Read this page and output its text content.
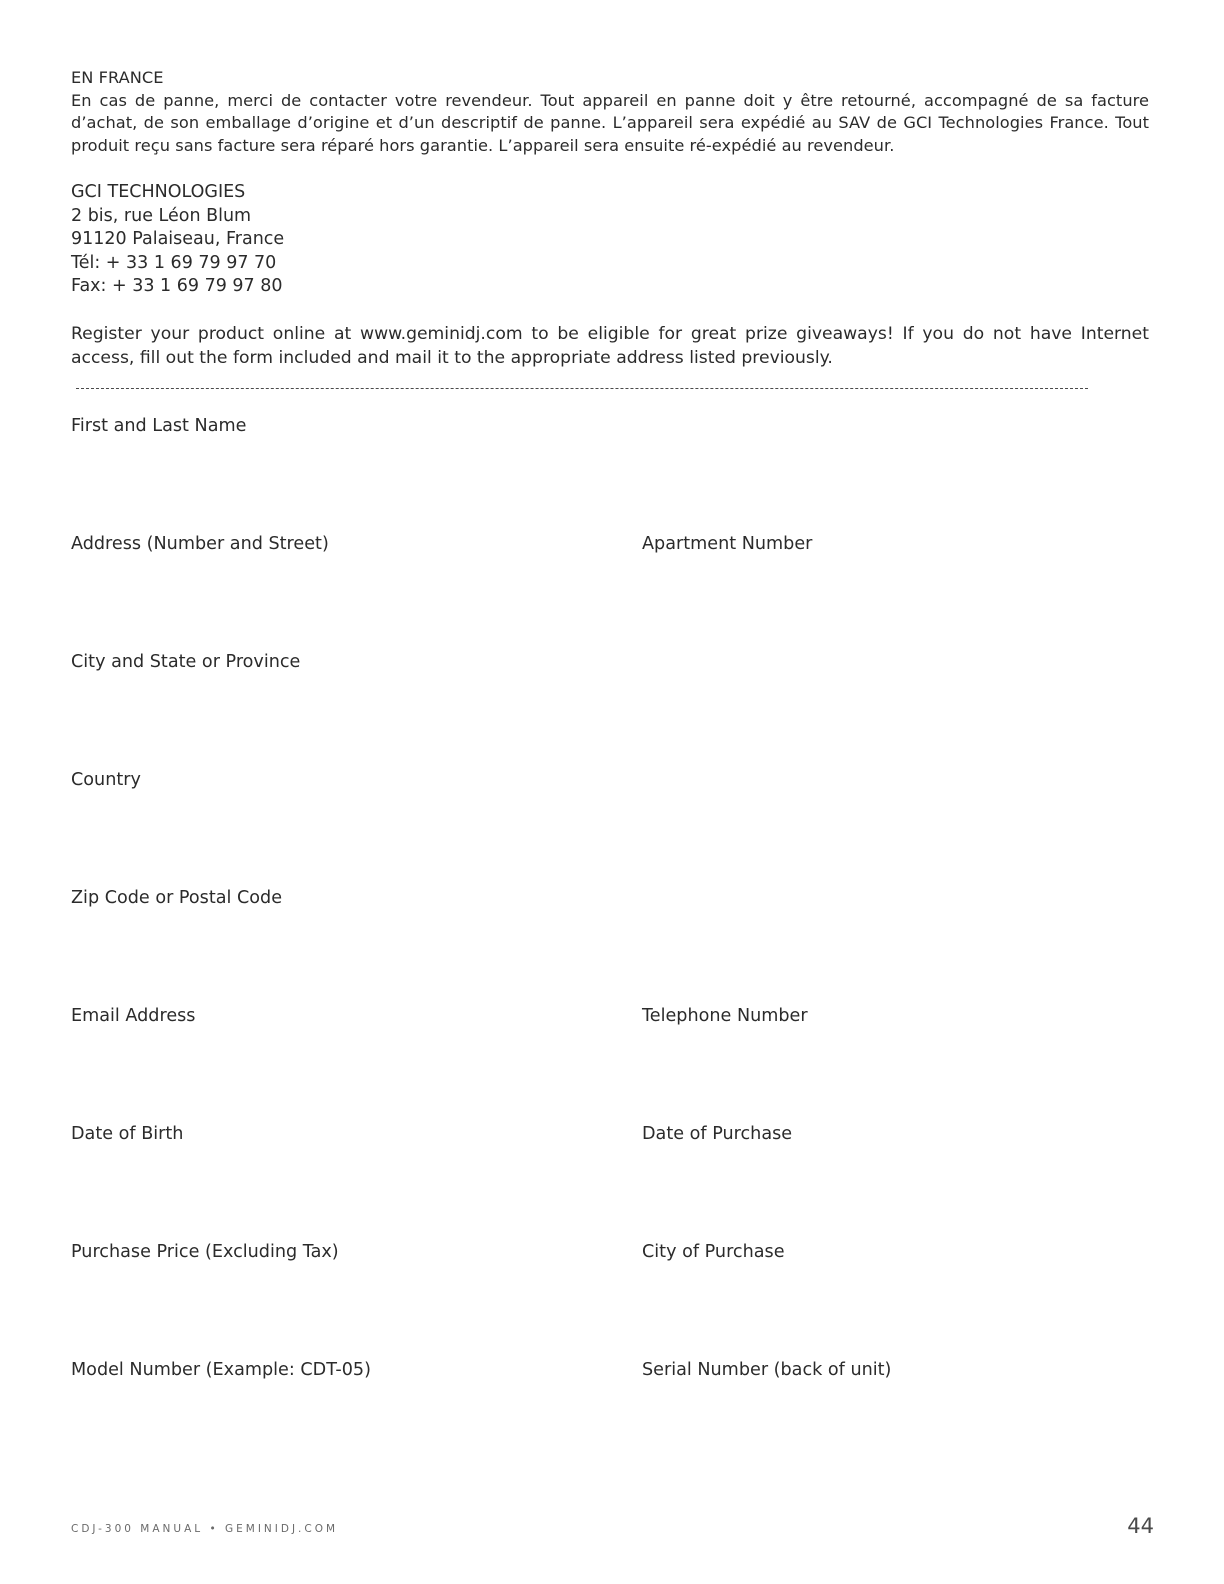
EN FRANCE
En cas de panne, merci de contacter votre revendeur. Tout appareil en panne doit y être retourné, accompagné de sa facture d’achat, de son emballage d’origine et d’un descriptif de panne. L’appareil sera expédié au SAV de GCI Technologies France. Tout produit reçu sans facture sera réparé hors garantie. L’appareil sera ensuite ré-expédié au revendeur.
GCI TECHNOLOGIES
2 bis, rue Léon Blum
91120 Palaiseau, France
Tél: + 33 1 69 79 97 70
Fax: + 33 1 69 79 97 80
Register your product online at www.geminidj.com to be eligible for great prize giveaways! If you do not have Internet access, fill out the form included and mail it to the appropriate address listed previously.
First and Last Name
Address (Number and Street)	Apartment Number
City and State or Province
Country
Zip Code or Postal Code
Email Address	Telephone Number
Date of Birth	Date of Purchase
Purchase Price (Excluding Tax)	City of Purchase
Model Number (Example: CDT-05)	Serial Number (back of unit)
CDJ-300 MANUAL • GEMINIDJ.COM	44
